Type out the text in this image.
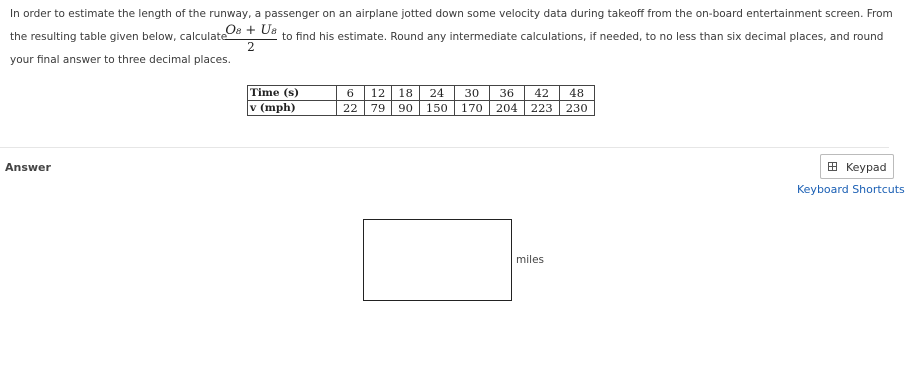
In order to estimate the length of the runway, a passenger on an airplane jotted down some velocity data during takeoff from the on-board entertainment screen. From
the resulting table given below, calculate
O₈ + U₈
2
to find his estimate. Round any intermediate calculations, if needed, to no less than six decimal places, and round
your final answer to three decimal places.
Time (s)	6	12	18	24	30	36	42	48
v (mph)	22	79	90	150	170	204	223	230
Answer	Keypad
Keyboard Shortcuts
miles
